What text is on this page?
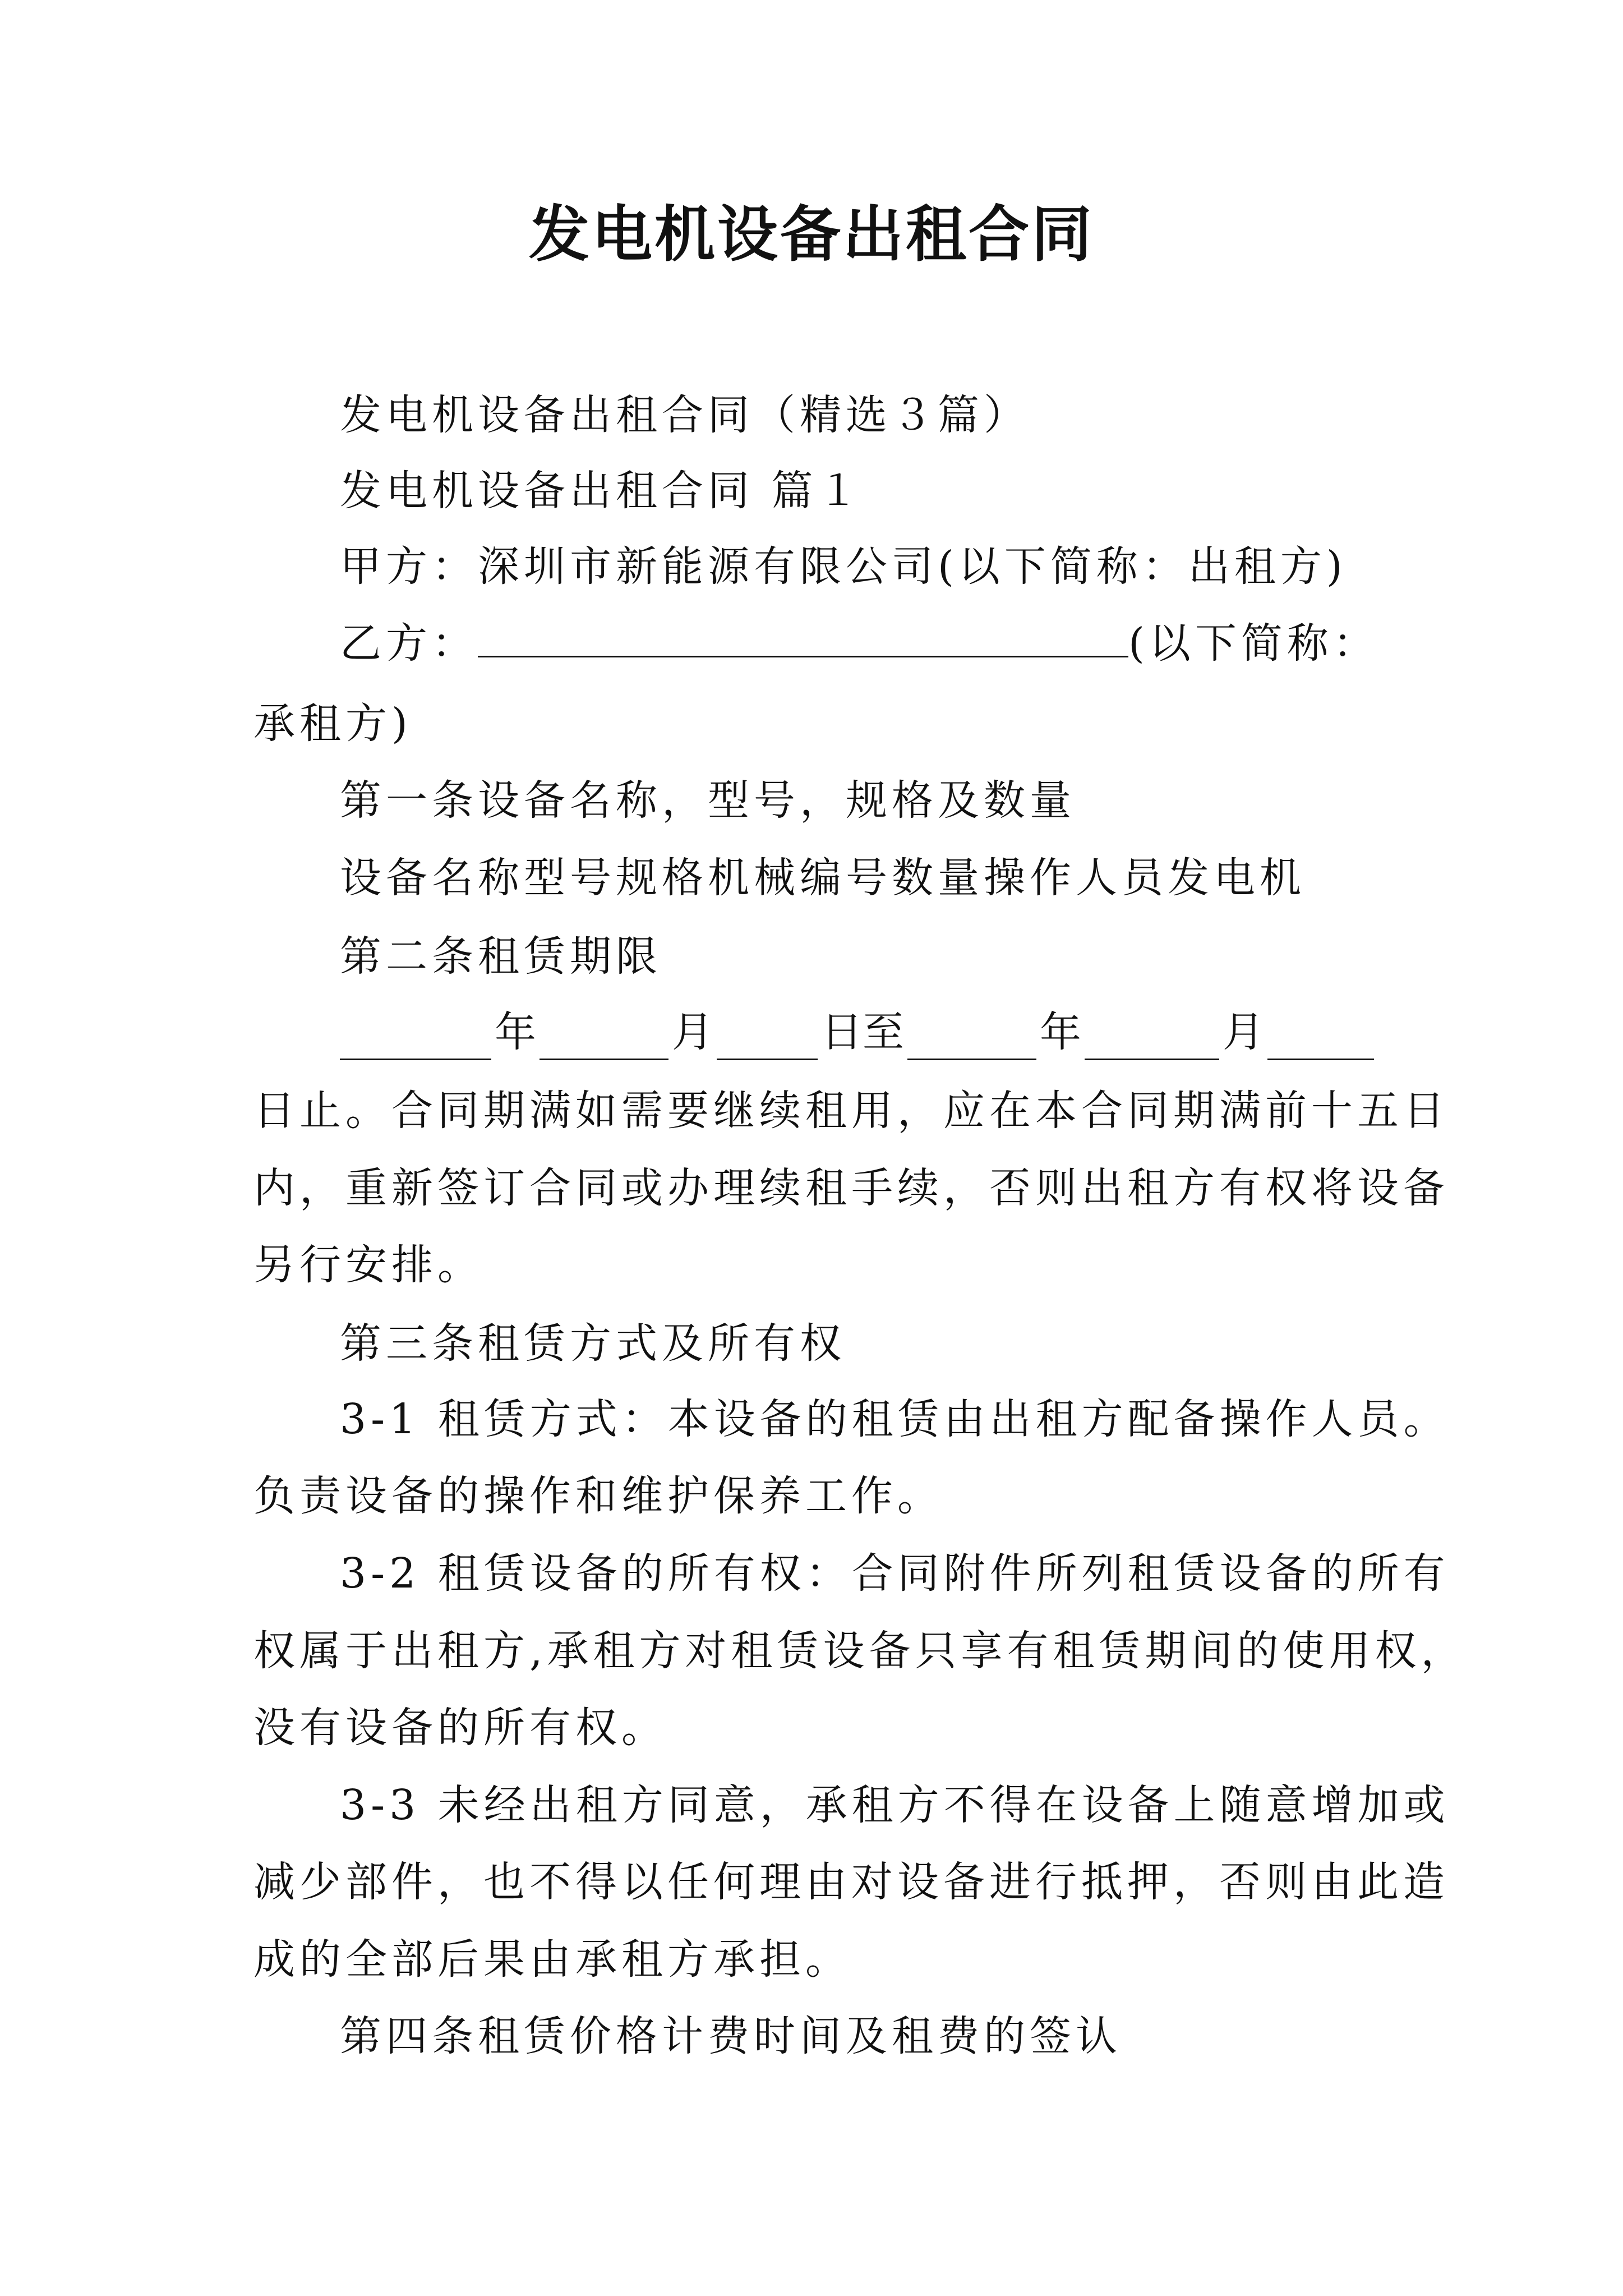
发电机设备出租合同
发电机设备出租合同（精选３篇）
发电机设备出租合同 篇１
甲方：深圳市新能源有限公司(以下简称：出租方)
乙方：	(以下简称：
承租方)
第一条设备名称，型号，规格及数量
设备名称型号规格机械编号数量操作人员发电机
第二条租赁期限
年	月	日至	年	月
日止。合同期满如需要继续租用，应在本合同期满前十五日
内，重新签订合同或办理续租手续，否则出租方有权将设备
另行安排。
第三条租赁方式及所有权
3-1 租赁方式：本设备的租赁由出租方配备操作人员。
负责设备的操作和维护保养工作。
3-2 租赁设备的所有权：合同附件所列租赁设备的所有
权属于出租方,承租方对租赁设备只享有租赁期间的使用权，
没有设备的所有权。
3-3 未经出租方同意，承租方不得在设备上随意增加或
减少部件，也不得以任何理由对设备进行抵押，否则由此造
成的全部后果由承租方承担。
第四条租赁价格计费时间及租费的签认
